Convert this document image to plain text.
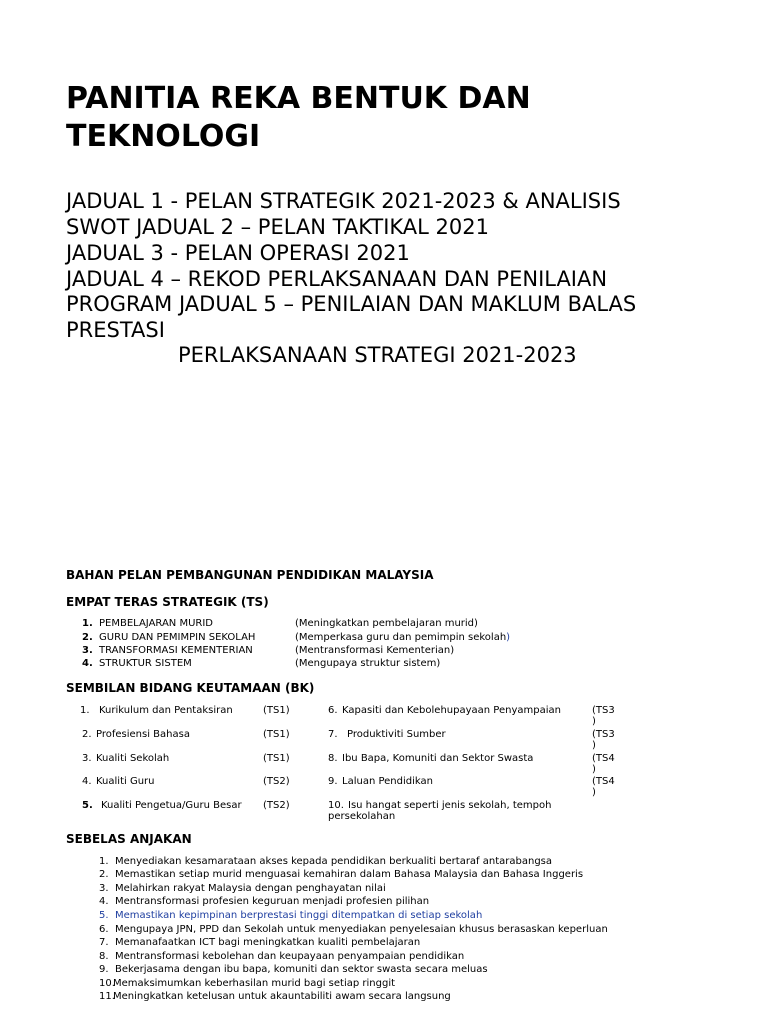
PANITIA REKA BENTUK DAN TEKNOLOGI
JADUAL 1 - PELAN STRATEGIK 2021-2023 & ANALISIS
SWOT JADUAL 2 – PELAN TAKTIKAL 2021
JADUAL 3 - PELAN OPERASI 2021
JADUAL 4 – REKOD PERLAKSANAAN DAN PENILAIAN
PROGRAM JADUAL 5 – PENILAIAN DAN MAKLUM BALAS
PRESTASI
PERLAKSANAAN STRATEGI 2021-2023
BAHAN PELAN PEMBANGUNAN PENDIDIKAN MALAYSIA
EMPAT TERAS STRATEGIK (TS)
1. PEMBELAJARAN MURID	(Meningkatkan pembelajaran murid)
2. GURU DAN PEMIMPIN SEKOLAH	(Memperkasa guru dan pemimpin sekolah)
3. TRANSFORMASI KEMENTERIAN	(Mentransformasi Kementerian)
4. STRUKTUR SISTEM	(Mengupaya struktur sistem)
SEMBILAN BIDANG KEUTAMAAN (BK)
1. Kurikulum dan Pentaksiran	(TS1)
2. Profesiensi Bahasa	(TS1)
3. Kualiti Sekolah	(TS1)
4. Kualiti Guru	(TS2)
5. Kualiti Pengetua/Guru Besar (TS2)
6. Kapasiti dan Kebolehupayaan Penyampaian	(TS3
)
7. Produktiviti Sumber	(TS3
)
8. Ibu Bapa, Komuniti dan Sektor Swasta	(TS4
)
9. Laluan Pendidikan	(TS4
)
10. Isu hangat seperti jenis sekolah, tempoh
persekolahan
SEBELAS ANJAKAN
1. Menyediakan kesamarataan akses kepada pendidikan berkualiti bertaraf antarabangsa
2. Memastikan setiap murid menguasai kemahiran dalam Bahasa Malaysia dan Bahasa Inggeris
3. Melahirkan rakyat Malaysia dengan penghayatan nilai
4. Mentransformasi profesien keguruan menjadi profesien pilihan
5. Memastikan kepimpinan berprestasi tinggi ditempatkan di setiap sekolah
6. Mengupaya JPN, PPD dan Sekolah untuk menyediakan penyelesaian khusus berasaskan keperluan
7. Memanafaatkan ICT bagi meningkatkan kualiti pembelajaran
8. Mentransformasi kebolehan dan keupayaan penyampaian pendidikan
9. Bekerjasama dengan ibu bapa, komuniti dan sektor swasta secara meluas
10.
Memaksimumkan keberhasilan murid bagi setiap ringgit
11.
Meningkatkan ketelusan untuk akauntabiliti awam secara langsung
